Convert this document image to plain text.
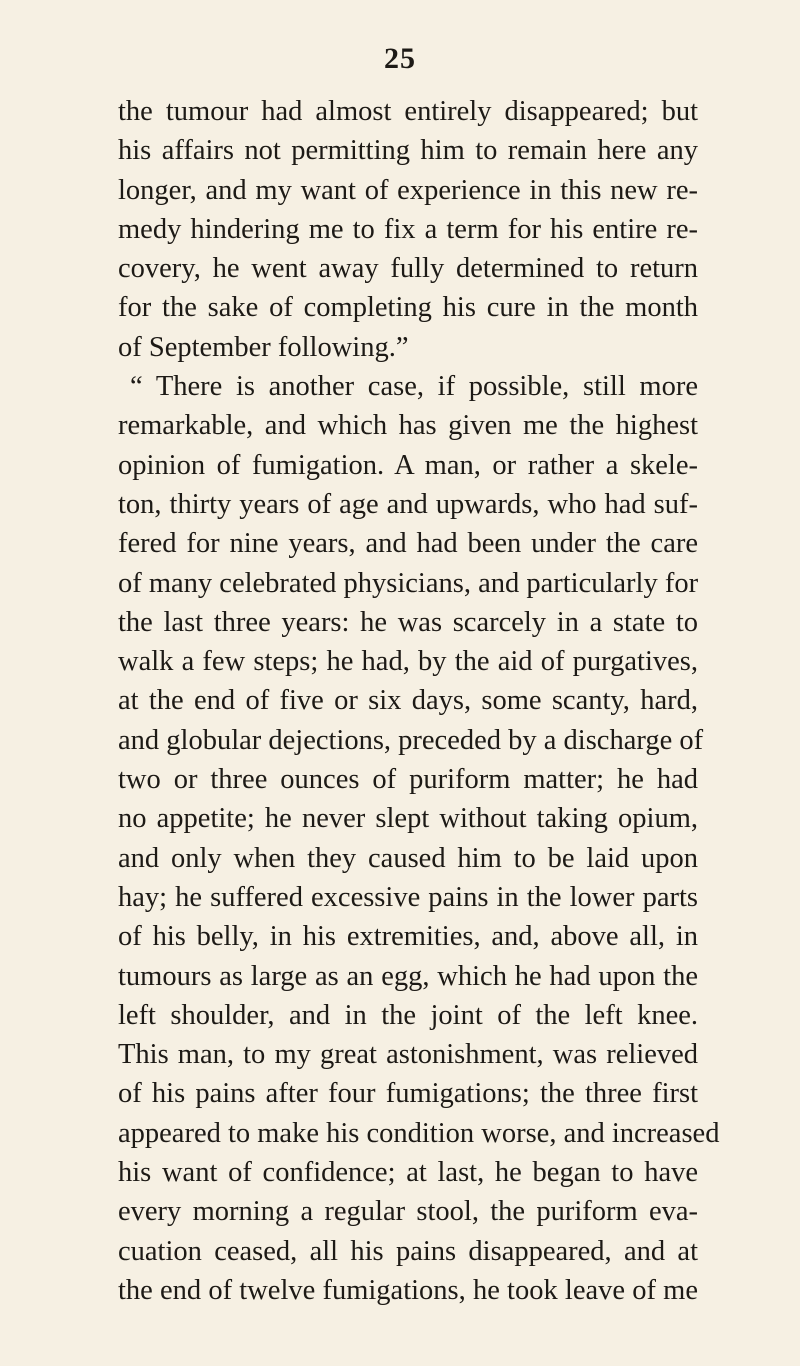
25
the tumour had almost entirely disappeared; but
his affairs not permitting him to remain here any
longer, and my want of experience in this new re-
medy hindering me to fix a term for his entire re-
covery, he went away fully determined to return
for the sake of completing his cure in the month
of September following.”
“ There is another case, if possible, still more
remarkable, and which has given me the highest
opinion of fumigation. A man, or rather a skele-
ton, thirty years of age and upwards, who had suf-
fered for nine years, and had been under the care
of many celebrated physicians, and particularly for
the last three years: he was scarcely in a state to
walk a few steps; he had, by the aid of purgatives,
at the end of five or six days, some scanty, hard,
and globular dejections, preceded by a discharge of
two or three ounces of puriform matter; he had
no appetite; he never slept without taking opium,
and only when they caused him to be laid upon
hay; he suffered excessive pains in the lower parts
of his belly, in his extremities, and, above all, in
tumours as large as an egg, which he had upon the
left shoulder, and in the joint of the left knee.
This man, to my great astonishment, was relieved
of his pains after four fumigations; the three first
appeared to make his condition worse, and increased
his want of confidence; at last, he began to have
every morning a regular stool, the puriform eva-
cuation ceased, all his pains disappeared, and at
the end of twelve fumigations, he took leave of me
